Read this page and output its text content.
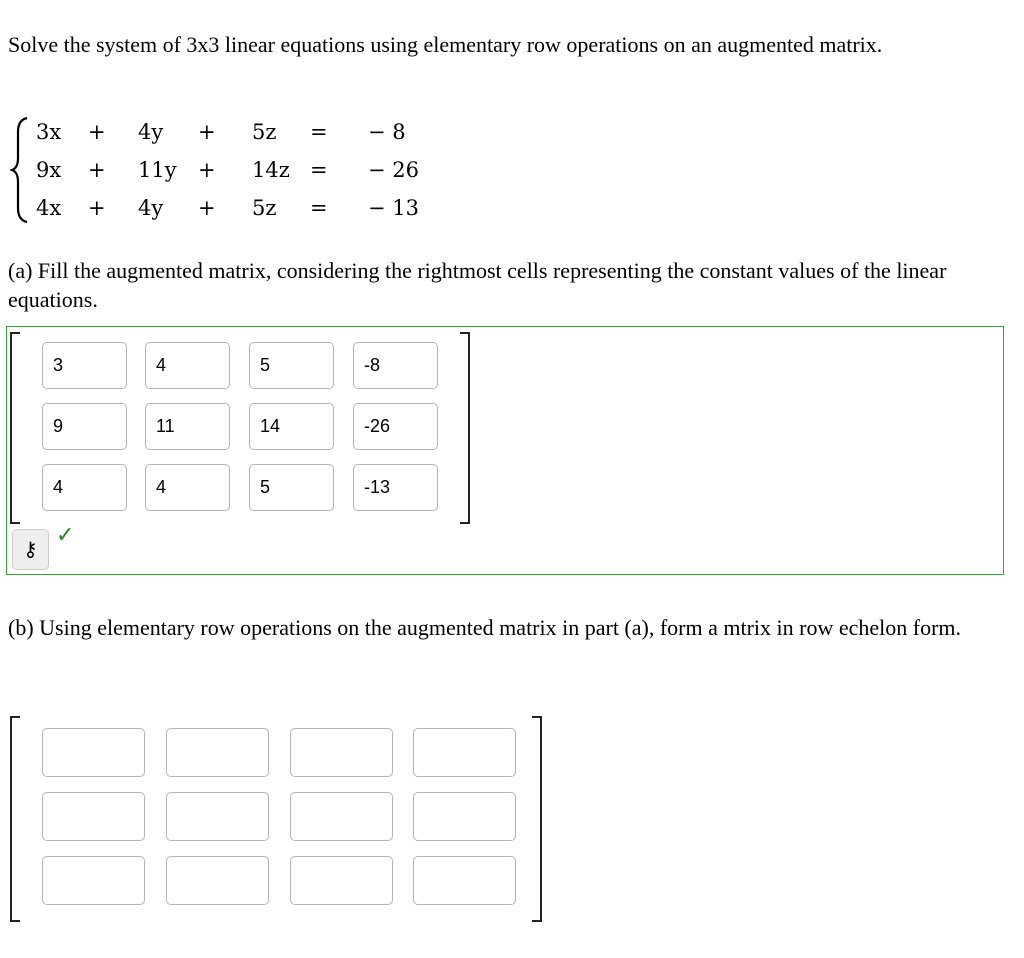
Solve the system of 3x3 linear equations using elementary row operations on an augmented matrix.
3x + 4y + 5z = − 8
9x + 11y + 14z = − 26
4x + 4y + 5z = − 13
(a) Fill the augmented matrix, considering the rightmost cells representing the constant values of the linear equations.
3	4	5	-8
9	11	14	-26
4	4	5	-13
⚷
✓
(b) Using elementary row operations on the augmented matrix in part (a), form a mtrix in row echelon form.
